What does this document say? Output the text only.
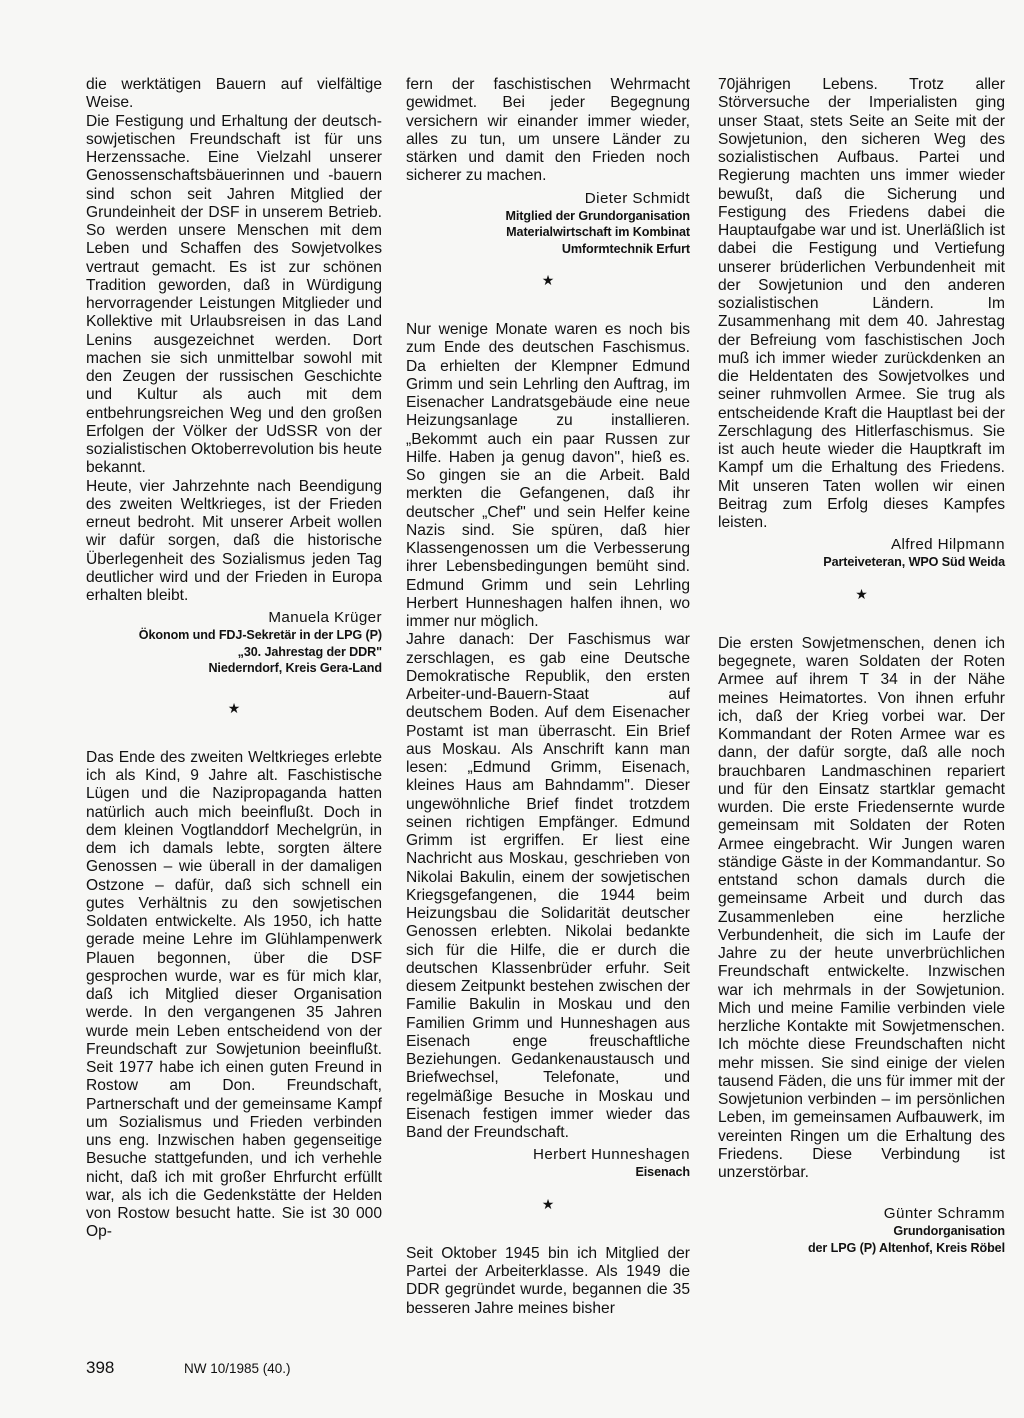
die werktätigen Bauern auf vielfältige Weise.

Die Festigung und Erhaltung der deutsch-sowjetischen Freundschaft ist für uns Herzenssache. Eine Vielzahl unserer Genossenschaftsbäuerinnen und -bauern sind schon seit Jahren Mitglied der Grundeinheit der DSF in unserem Betrieb. So werden unsere Menschen mit dem Leben und Schaffen des Sowjetvolkes vertraut gemacht. Es ist zur schönen Tradition geworden, daß in Würdigung hervorragender Leistungen Mitglieder und Kollektive mit Urlaubsreisen in das Land Lenins ausgezeichnet werden. Dort machen sie sich unmittelbar sowohl mit den Zeugen der russischen Geschichte und Kultur als auch mit dem entbehrungsreichen Weg und den großen Erfolgen der Völker der UdSSR von der sozialistischen Oktoberrevolution bis heute bekannt.

Heute, vier Jahrzehnte nach Beendigung des zweiten Weltkrieges, ist der Frieden erneut bedroht. Mit unserer Arbeit wollen wir dafür sorgen, daß die historische Überlegenheit des Sozialismus jeden Tag deutlicher wird und der Frieden in Europa erhalten bleibt.

Manuela Krüger
Ökonom und FDJ-Sekretär in der LPG (P)
„30. Jahrestag der DDR"
Niederndorf, Kreis Gera-Land
★

Das Ende des zweiten Weltkrieges erlebte ich als Kind, 9 Jahre alt. Faschistische Lügen und die Nazipropaganda hatten natürlich auch mich beeinflußt. Doch in dem kleinen Vogtlanddorf Mechelgrün, in dem ich damals lebte, sorgten ältere Genossen – wie überall in der damaligen Ostzone – dafür, daß sich schnell ein gutes Verhältnis zu den sowjetischen Soldaten entwickelte. Als 1950, ich hatte gerade meine Lehre im Glühlampenwerk Plauen begonnen, über die DSF gesprochen wurde, war es für mich klar, daß ich Mitglied dieser Organisation werde. In den vergangenen 35 Jahren wurde mein Leben entscheidend von der Freundschaft zur Sowjetunion beeinflußt. Seit 1977 habe ich einen guten Freund in Rostow am Don. Freundschaft, Partnerschaft und der gemeinsame Kampf um Sozialismus und Frieden verbinden uns eng. Inzwischen haben gegenseitige Besuche stattgefunden, und ich verhehle nicht, daß ich mit großer Ehrfurcht erfüllt war, als ich die Gedenkstätte der Helden von Rostow besucht hatte. Sie ist 30 000 Op-

fern der faschistischen Wehrmacht gewidmet. Bei jeder Begegnung versichern wir einander immer wieder, alles zu tun, um unsere Länder zu stärken und damit den Frieden noch sicherer zu machen.

Dieter Schmidt
Mitglied der Grundorganisation
Materialwirtschaft im Kombinat
Umformtechnik Erfurt
★

Nur wenige Monate waren es noch bis zum Ende des deutschen Faschismus. Da erhielten der Klempner Edmund Grimm und sein Lehrling den Auftrag, im Eisenacher Landratsgebäude eine neue Heizungsanlage zu installieren. „Bekommt auch ein paar Russen zur Hilfe. Haben ja genug davon", hieß es. So gingen sie an die Arbeit. Bald merkten die Gefangenen, daß ihr deutscher „Chef" und sein Helfer keine Nazis sind. Sie spüren, daß hier Klassengenossen um die Verbesserung ihrer Lebensbedingungen bemüht sind. Edmund Grimm und sein Lehrling Herbert Hunneshagen halfen ihnen, wo immer nur möglich.

Jahre danach: Der Faschismus war zerschlagen, es gab eine Deutsche Demokratische Republik, den ersten Arbeiter-und-Bauern-Staat auf deutschem Boden. Auf dem Eisenacher Postamt ist man überrascht. Ein Brief aus Moskau. Als Anschrift kann man lesen: „Edmund Grimm, Eisenach, kleines Haus am Bahndamm". Dieser ungewöhnliche Brief findet trotzdem seinen richtigen Empfänger. Edmund Grimm ist ergriffen. Er liest eine Nachricht aus Moskau, geschrieben von Nikolai Bakulin, einem der sowjetischen Kriegsgefangenen, die 1944 beim Heizungsbau die Solidarität deutscher Genossen erlebten. Nikolai bedankte sich für die Hilfe, die er durch die deutschen Klassenbrüder erfuhr. Seit diesem Zeitpunkt bestehen zwischen der Familie Bakulin in Moskau und den Familien Grimm und Hunneshagen aus Eisenach enge freuschaftliche Beziehungen. Gedankenaustausch und Briefwechsel, Telefonate, und regelmäßige Besuche in Moskau und Eisenach festigen immer wieder das Band der Freundschaft.

Herbert Hunneshagen
Eisenach
★

Seit Oktober 1945 bin ich Mitglied der Partei der Arbeiterklasse. Als 1949 die DDR gegründet wurde, begannen die 35 besseren Jahre meines bisher

70jährigen Lebens. Trotz aller Störversuche der Imperialisten ging unser Staat, stets Seite an Seite mit der Sowjetunion, den sicheren Weg des sozialistischen Aufbaus. Partei und Regierung machten uns immer wieder bewußt, daß die Sicherung und Festigung des Friedens dabei die Hauptaufgabe war und ist. Unerläßlich ist dabei die Festigung und Vertiefung unserer brüderlichen Verbundenheit mit der Sowjetunion und den anderen sozialistischen Ländern. Im Zusammenhang mit dem 40. Jahrestag der Befreiung vom faschistischen Joch muß ich immer wieder zurückdenken an die Heldentaten des Sowjetvolkes und seiner ruhmvollen Armee. Sie trug als entscheidende Kraft die Hauptlast bei der Zerschlagung des Hitlerfaschismus. Sie ist auch heute wieder die Hauptkraft im Kampf um die Erhaltung des Friedens. Mit unseren Taten wollen wir einen Beitrag zum Erfolg dieses Kampfes leisten.

Alfred Hilpmann
Parteiveteran, WPO Süd Weida
★

Die ersten Sowjetmenschen, denen ich begegnete, waren Soldaten der Roten Armee auf ihrem T 34 in der Nähe meines Heimatortes. Von ihnen erfuhr ich, daß der Krieg vorbei war. Der Kommandant der Roten Armee war es dann, der dafür sorgte, daß alle noch brauchbaren Landmaschinen repariert und für den Einsatz startklar gemacht wurden. Die erste Friedensernte wurde gemeinsam mit Soldaten der Roten Armee eingebracht. Wir Jungen waren ständige Gäste in der Kommandantur. So entstand schon damals durch die gemeinsame Arbeit und durch das Zusammenleben eine herzliche Verbundenheit, die sich im Laufe der Jahre zu der heute unverbrüchlichen Freundschaft entwickelte. Inzwischen war ich mehrmals in der Sowjetunion. Mich und meine Familie verbinden viele herzliche Kontakte mit Sowjetmenschen. Ich möchte diese Freundschaften nicht mehr missen. Sie sind einige der vielen tausend Fäden, die uns für immer mit der Sowjetunion verbinden – im persönlichen Leben, im gemeinsamen Aufbauwerk, im vereinten Ringen um die Erhaltung des Friedens. Diese Verbindung ist unzerstörbar.

Günter Schramm
Grundorganisation
der LPG (P) Altenhof, Kreis Röbel
398	NW 10/1985 (40.)
